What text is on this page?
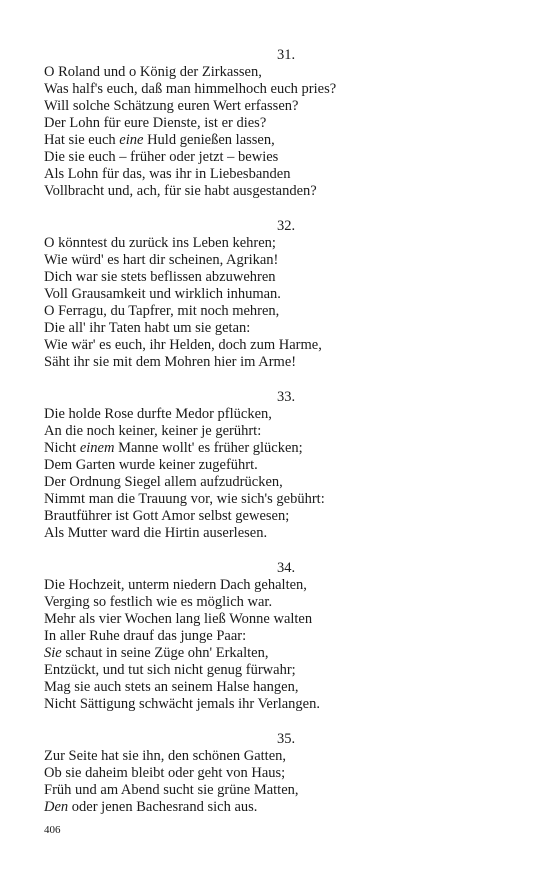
31.
O Roland und o König der Zirkassen,
Was half's euch, daß man himmelhoch euch pries?
Will solche Schätzung euren Wert erfassen?
Der Lohn für eure Dienste, ist er dies?
Hat sie euch eine Huld genießen lassen,
Die sie euch – früher oder jetzt – bewies
Als Lohn für das, was ihr in Liebesbanden
Vollbracht und, ach, für sie habt ausgestanden?
32.
O könntest du zurück ins Leben kehren;
Wie würd' es hart dir scheinen, Agrikan!
Dich war sie stets beflissen abzuwehren
Voll Grausamkeit und wirklich inhuman.
O Ferragu, du Tapfrer, mit noch mehren,
Die all' ihr Taten habt um sie getan:
Wie wär' es euch, ihr Helden, doch zum Harme,
Säht ihr sie mit dem Mohren hier im Arme!
33.
Die holde Rose durfte Medor pflücken,
An die noch keiner, keiner je gerührt:
Nicht einem Manne wollt' es früher glücken;
Dem Garten wurde keiner zugeführt.
Der Ordnung Siegel allem aufzudrücken,
Nimmt man die Trauung vor, wie sich's gebührt:
Brautführer ist Gott Amor selbst gewesen;
Als Mutter ward die Hirtin auserlesen.
34.
Die Hochzeit, unterm niedern Dach gehalten,
Verging so festlich wie es möglich war.
Mehr als vier Wochen lang ließ Wonne walten
In aller Ruhe drauf das junge Paar:
Sie schaut in seine Züge ohn' Erkalten,
Entzückt, und tut sich nicht genug fürwahr;
Mag sie auch stets an seinem Halse hangen,
Nicht Sättigung schwächt jemals ihr Verlangen.
35.
Zur Seite hat sie ihn, den schönen Gatten,
Ob sie daheim bleibt oder geht von Haus;
Früh und am Abend sucht sie grüne Matten,
Den oder jenen Bachesrand sich aus.
406
